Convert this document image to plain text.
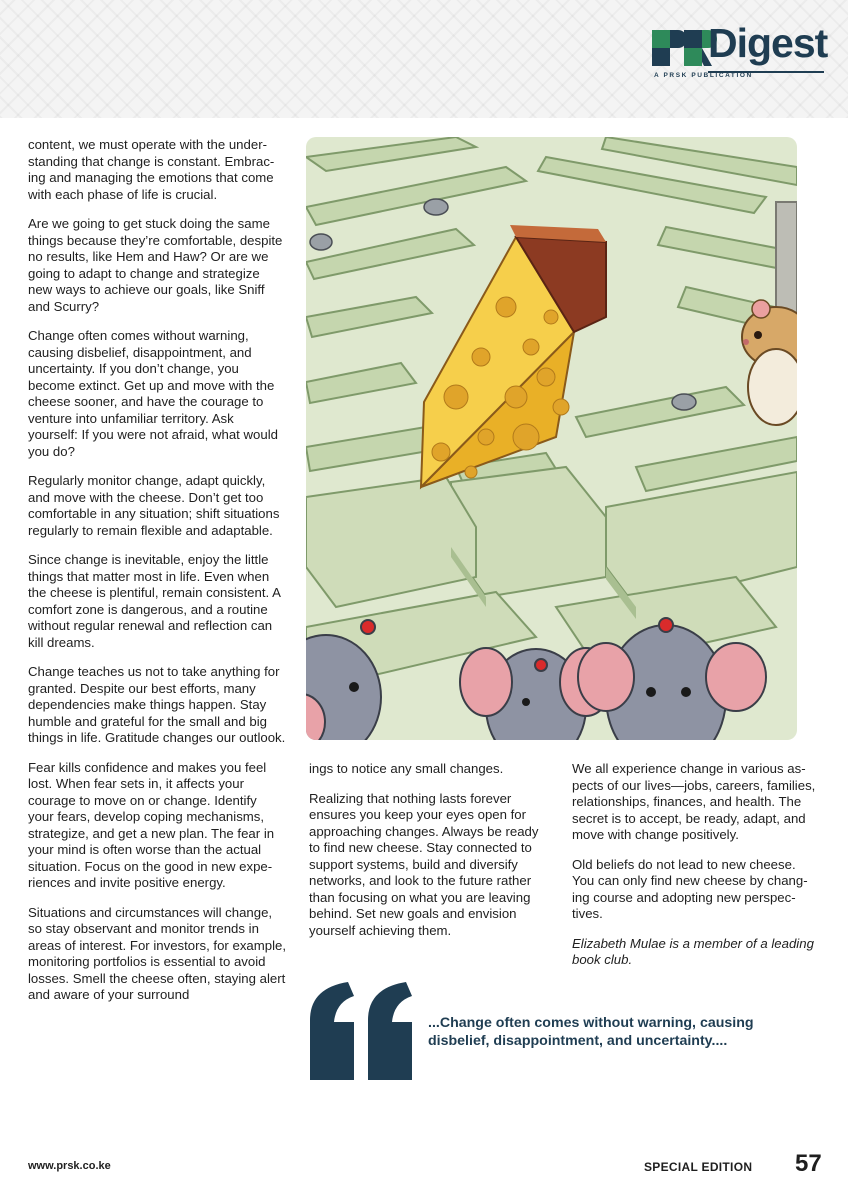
Digest
A PRSK PUBLICATION

content, we must operate with the understanding that change is constant. Embracing and managing the emotions that come with each phase of life is crucial.

Are we going to get stuck doing the same things because they’re comfortable, despite no results, like Hem and Haw? Or are we going to adapt to change and strategize new ways to achieve our goals, like Sniff and Scurry?

Change often comes without warning, causing disbelief, disappointment, and uncertainty. If you don’t change, you become extinct. Get up and move with the cheese sooner, and have the courage to venture into unfamiliar territory. Ask yourself: If you were not afraid, what would you do?

Regularly monitor change, adapt quickly, and move with the cheese. Don’t get too comfortable in any situation; shift situations regularly to remain flexible and adaptable.

Since change is inevitable, enjoy the little things that matter most in life. Even when the cheese is plentiful, remain consistent. A comfort zone is dangerous, and a routine without regular renewal and reflection can kill dreams.

Change teaches us not to take anything for granted. Despite our best efforts, many dependencies make things happen. Stay humble and grateful for the small and big things in life. Gratitude changes our outlook.

Fear kills confidence and makes you feel lost. When fear sets in, it affects your courage to move on or change. Identify your fears, develop coping mechanisms, strategize, and get a new plan. The fear in your mind is often worse than the actual situation. Focus on the good in new experiences and invite positive energy.

Situations and circumstances will change, so stay observant and monitor trends in areas of interest. For investors, for example, monitoring portfolios is essential to avoid losses. Smell the cheese often, staying alert and aware of your surround

ings to notice any small changes.

Realizing that nothing lasts forever ensures you keep your eyes open for approaching changes. Always be ready to find new cheese. Stay connected to support systems, build and diversify networks, and look to the future rather than focusing on what you are leaving behind. Set new goals and envision yourself achieving them.

We all experience change in various aspects of our lives—jobs, careers, families, relationships, finances, and health. The secret is to accept, be ready, adapt, and move with change positively.

Old beliefs do not lead to new cheese. You can only find new cheese by changing course and adopting new perspectives.

Elizabeth Mulae is a member of a leading book club.

...Change often comes without warning, causing disbelief, disappointment, and uncertainty....
www.prsk.co.ke	SPECIAL EDITION 57
